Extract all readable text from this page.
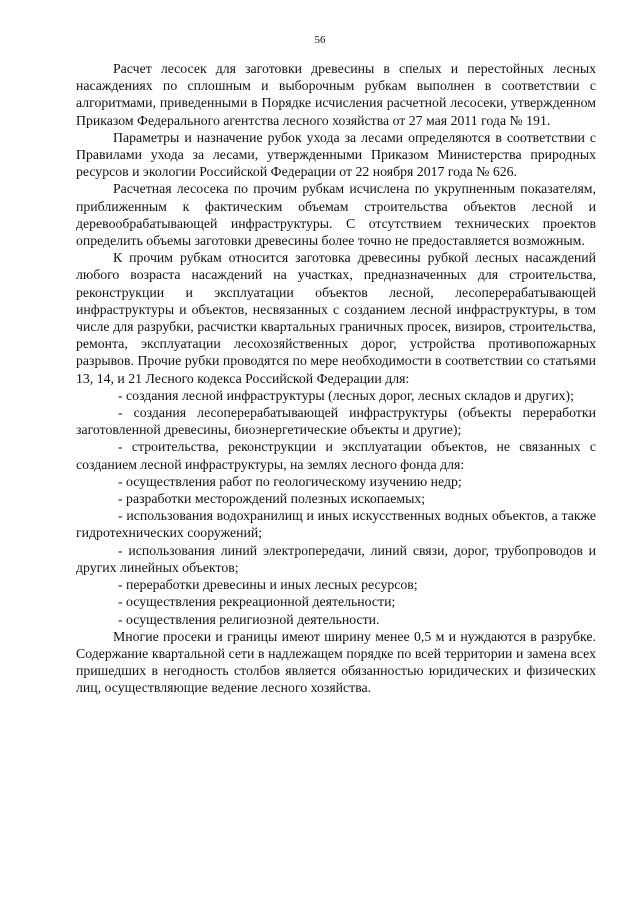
56

Расчет лесосек для заготовки древесины в спелых и перестойных лесных насаждениях по сплошным и выборочным рубкам выполнен в соответствии с алгоритмами, приведенными в Порядке исчисления расчетной лесосеки, утвержденном Приказом Федерального агентства лесного хозяйства от 27 мая 2011 года № 191.

Параметры и назначение рубок ухода за лесами определяются в соответствии с Правилами ухода за лесами, утвержденными Приказом Министерства природных ресурсов и экологии Российской Федерации от 22 ноября 2017 года № 626.

Расчетная лесосека по прочим рубкам исчислена по укрупненным показателям, приближенным к фактическим объемам строительства объектов лесной и деревообрабатывающей инфраструктуры. С отсутствием технических проектов определить объемы заготовки древесины более точно не предоставляется возможным.

К прочим рубкам относится заготовка древесины рубкой лесных насаждений любого возраста насаждений на участках, предназначенных для строительства, реконструкции и эксплуатации объектов лесной, лесоперерабатывающей инфраструктуры и объектов, несвязанных с созданием лесной инфраструктуры, в том числе для разрубки, расчистки квартальных граничных просек, визиров, строительства, ремонта, эксплуатации лесохозяйственных дорог, устройства противопожарных разрывов. Прочие рубки проводятся по мере необходимости в соответствии со статьями 13, 14, и 21 Лесного кодекса Российской Федерации для:

- создания лесной инфраструктуры (лесных дорог, лесных складов и других);

- создания лесоперерабатывающей инфраструктуры (объекты переработки заготовленной древесины, биоэнергетические объекты и другие);

- строительства, реконструкции и эксплуатации объектов, не связанных с созданием лесной инфраструктуры, на землях лесного фонда для:

- осуществления работ по геологическому изучению недр;

- разработки месторождений полезных ископаемых;

- использования водохранилищ и иных искусственных водных объектов, а также гидротехнических сооружений;

- использования линий электропередачи, линий связи, дорог, трубопроводов и других линейных объектов;

- переработки древесины и иных лесных ресурсов;

- осуществления рекреационной деятельности;

- осуществления религиозной деятельности.

Многие просеки и границы имеют ширину менее 0,5 м и нуждаются в разрубке. Содержание квартальной сети в надлежащем порядке по всей территории и замена всех пришедших в негодность столбов является обязанностью юридических и физических лиц, осуществляющие ведение лесного хозяйства.
